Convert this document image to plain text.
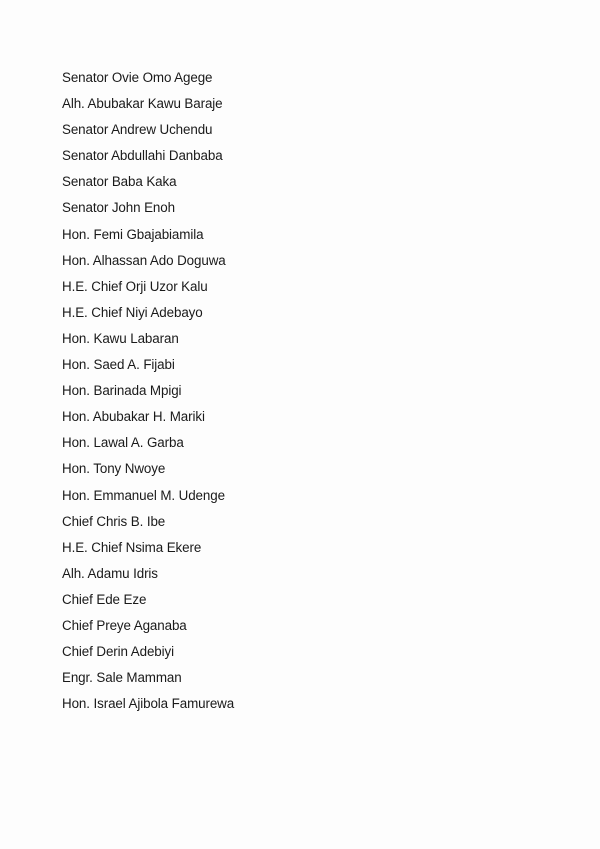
Senator Ovie Omo Agege
Alh. Abubakar Kawu Baraje
Senator Andrew Uchendu
Senator Abdullahi Danbaba
Senator Baba Kaka
Senator John Enoh
Hon. Femi Gbajabiamila
Hon. Alhassan Ado Doguwa
H.E. Chief Orji Uzor Kalu
H.E. Chief Niyi Adebayo
Hon. Kawu Labaran
Hon. Saed A. Fijabi
Hon. Barinada Mpigi
Hon. Abubakar H. Mariki
Hon. Lawal A. Garba
Hon. Tony Nwoye
Hon. Emmanuel M. Udenge
Chief Chris B. Ibe
H.E. Chief Nsima Ekere
Alh. Adamu Idris
Chief Ede Eze
Chief Preye Aganaba
Chief Derin Adebiyi
Engr. Sale Mamman
Hon. Israel Ajibola Famurewa
